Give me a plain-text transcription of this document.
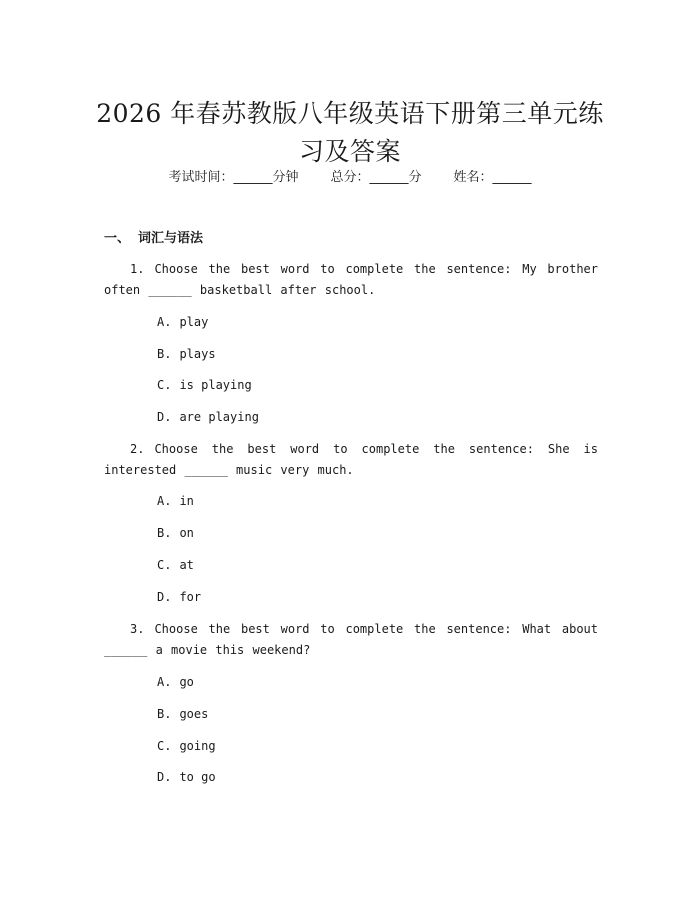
2026 年春苏教版八年级英语下册第三单元练习及答案
考试时间：______分钟 总分：______分 姓名：______
一、 词汇与语法

1. Choose the best word to complete the sentence: My brother often ______ basketball after school.

A. play
B. plays
C. is playing
D. are playing

2. Choose the best word to complete the sentence: She is interested ______ music very much.

A. in
B. on
C. at
D. for

3. Choose the best word to complete the sentence: What about ______ a movie this weekend?

A. go
B. goes
C. going
D. to go
